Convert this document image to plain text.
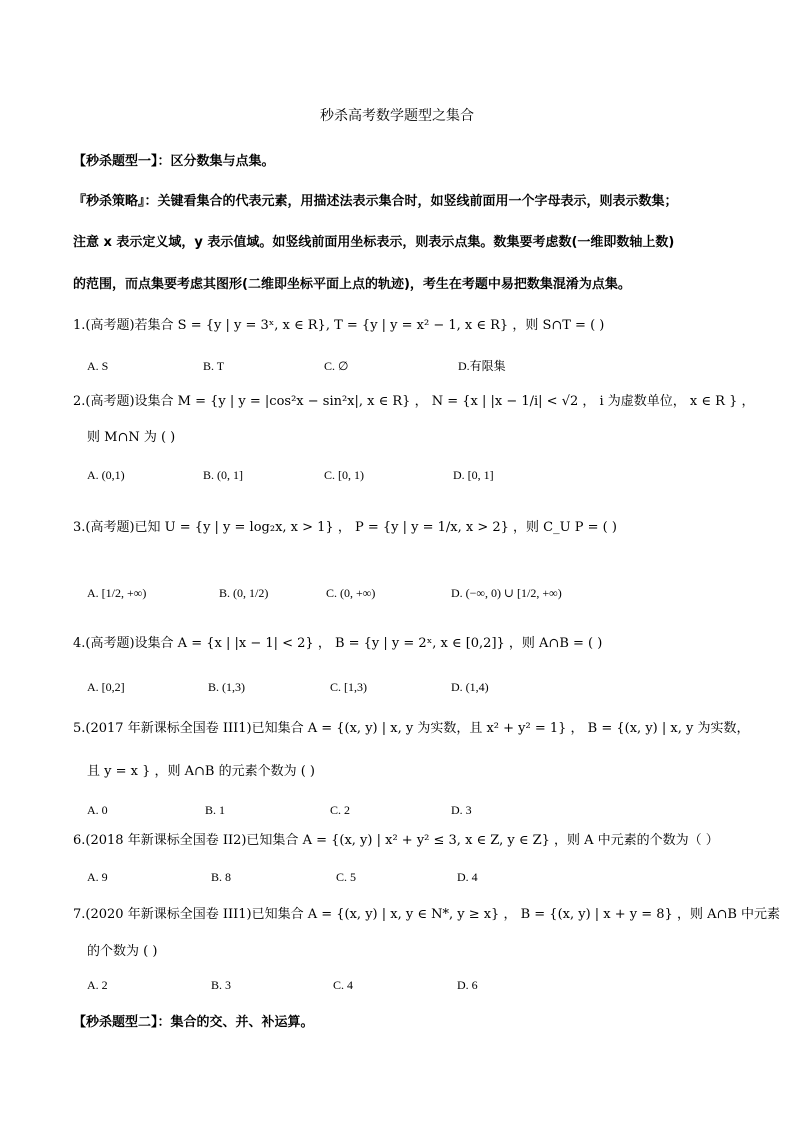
秒杀高考数学题型之集合
【秒杀题型一】：区分数集与点集。
『秒杀策略』：关键看集合的代表元素，用描述法表示集合时，如竖线前面用一个字母表示，则表示数集；
注意 x 表示定义域，y 表示值域。如竖线前面用坐标表示，则表示点集。数集要考虑数(一维即数轴上数)
的范围，而点集要考虑其图形(二维即坐标平面上点的轨迹)，考生在考题中易把数集混淆为点集。
1.(高考题)若集合 S = {y | y = 3ˣ, x ∈ R}, T = {y | y = x² − 1, x ∈ R} ，则 S∩T = ( )
A. S	B. T	C. ∅	D.有限集
2.(高考题)设集合 M = {y | y = |cos²x − sin²x|, x ∈ R} ， N = {x | |x − 1/i| < √2 ， i 为虚数单位， x ∈ R } ，
则 M∩N 为 ( )
A. (0,1)	B. (0, 1]	C. [0, 1)	D. [0, 1]
3.(高考题)已知 U = {y | y = log₂x, x > 1} ， P = {y | y = 1/x, x > 2} ，则 C_U P = ( )
A. [1/2, +∞)	B. (0, 1/2)	C. (0, +∞)	D. (−∞, 0) ∪ [1/2, +∞)
4.(高考题)设集合 A = {x | |x − 1| < 2} ， B = {y | y = 2ˣ, x ∈ [0,2]} ，则 A∩B = ( )
A. [0,2]	B. (1,3)	C. [1,3)	D. (1,4)
5.(2017 年新课标全国卷 III1)已知集合 A = {(x, y) | x, y 为实数，且 x² + y² = 1} ， B = {(x, y) | x, y 为实数，
且 y = x } ，则 A∩B 的元素个数为 ( )
A. 0	B. 1	C. 2	D. 3
6.(2018 年新课标全国卷 II2)已知集合 A = {(x, y) | x² + y² ≤ 3, x ∈ Z, y ∈ Z} ，则 A 中元素的个数为（ ）
A. 9	B. 8	C. 5	D. 4
7.(2020 年新课标全国卷 III1)已知集合 A = {(x, y) | x, y ∈ N*, y ≥ x} ， B = {(x, y) | x + y = 8} ，则 A∩B 中元素
的个数为 ( )
A. 2	B. 3	C. 4	D. 6
【秒杀题型二】：集合的交、并、补运算。
